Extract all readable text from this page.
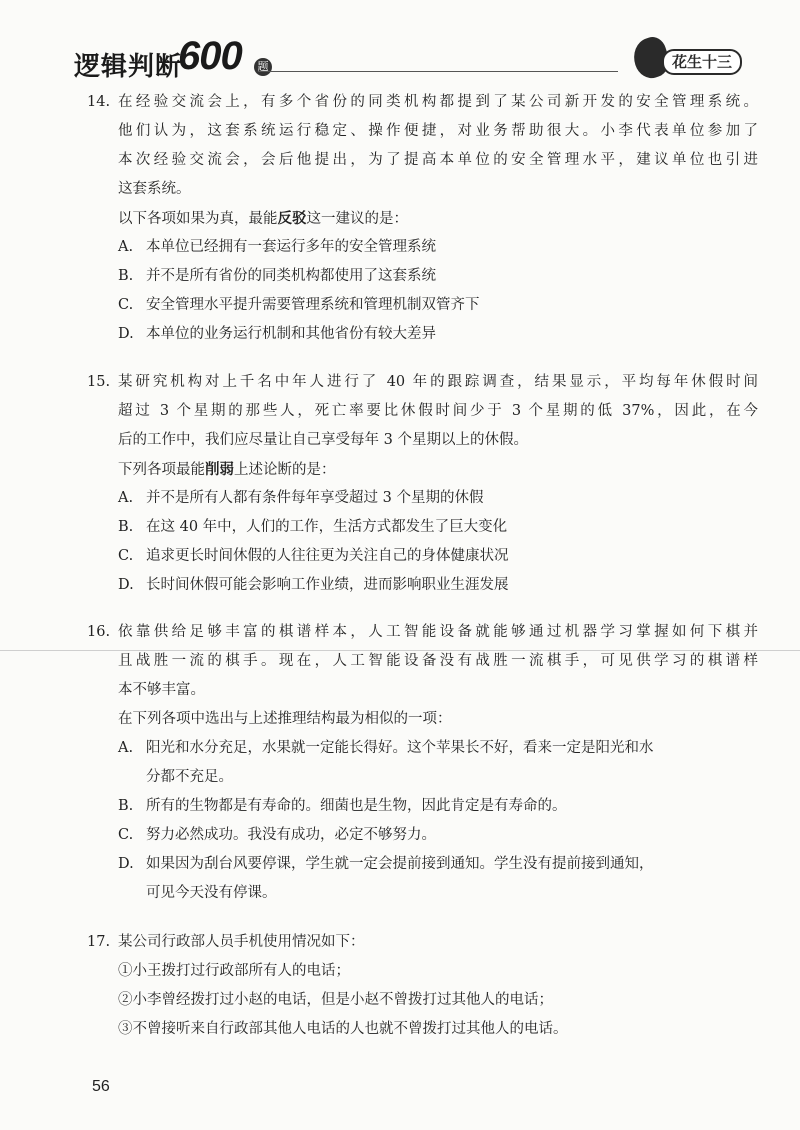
逻辑判断
600	题	花生十三
14. 在经验交流会上，有多个省份的同类机构都提到了某公司新开发的安全管理系统。
他们认为，这套系统运行稳定、操作便捷，对业务帮助很大。小李代表单位参加了
本次经验交流会，会后他提出，为了提高本单位的安全管理水平，建议单位也引进
这套系统。
以下各项如果为真，最能反驳这一建议的是：
A. 本单位已经拥有一套运行多年的安全管理系统
B. 并不是所有省份的同类机构都使用了这套系统
C. 安全管理水平提升需要管理系统和管理机制双管齐下
D. 本单位的业务运行机制和其他省份有较大差异
15. 某研究机构对上千名中年人进行了 40 年的跟踪调查，结果显示，平均每年休假时间
超过 3 个星期的那些人，死亡率要比休假时间少于 3 个星期的低 37%，因此，在今
后的工作中，我们应尽量让自己享受每年 3 个星期以上的休假。
下列各项最能削弱上述论断的是：
A. 并不是所有人都有条件每年享受超过 3 个星期的休假
B. 在这 40 年中，人们的工作，生活方式都发生了巨大变化
C. 追求更长时间休假的人往往更为关注自己的身体健康状况
D. 长时间休假可能会影响工作业绩，进而影响职业生涯发展
16. 依靠供给足够丰富的棋谱样本，人工智能设备就能够通过机器学习掌握如何下棋并
且战胜一流的棋手。现在，人工智能设备没有战胜一流棋手，可见供学习的棋谱样
本不够丰富。
在下列各项中选出与上述推理结构最为相似的一项：
A. 阳光和水分充足，水果就一定能长得好。这个苹果长不好，看来一定是阳光和水
分都不充足。
B. 所有的生物都是有寿命的。细菌也是生物，因此肯定是有寿命的。
C. 努力必然成功。我没有成功，必定不够努力。
D. 如果因为刮台风要停课，学生就一定会提前接到通知。学生没有提前接到通知，
可见今天没有停课。
17. 某公司行政部人员手机使用情况如下：
①小王拨打过行政部所有人的电话；
②小李曾经拨打过小赵的电话，但是小赵不曾拨打过其他人的电话；
③不曾接听来自行政部其他人电话的人也就不曾拨打过其他人的电话。
56
